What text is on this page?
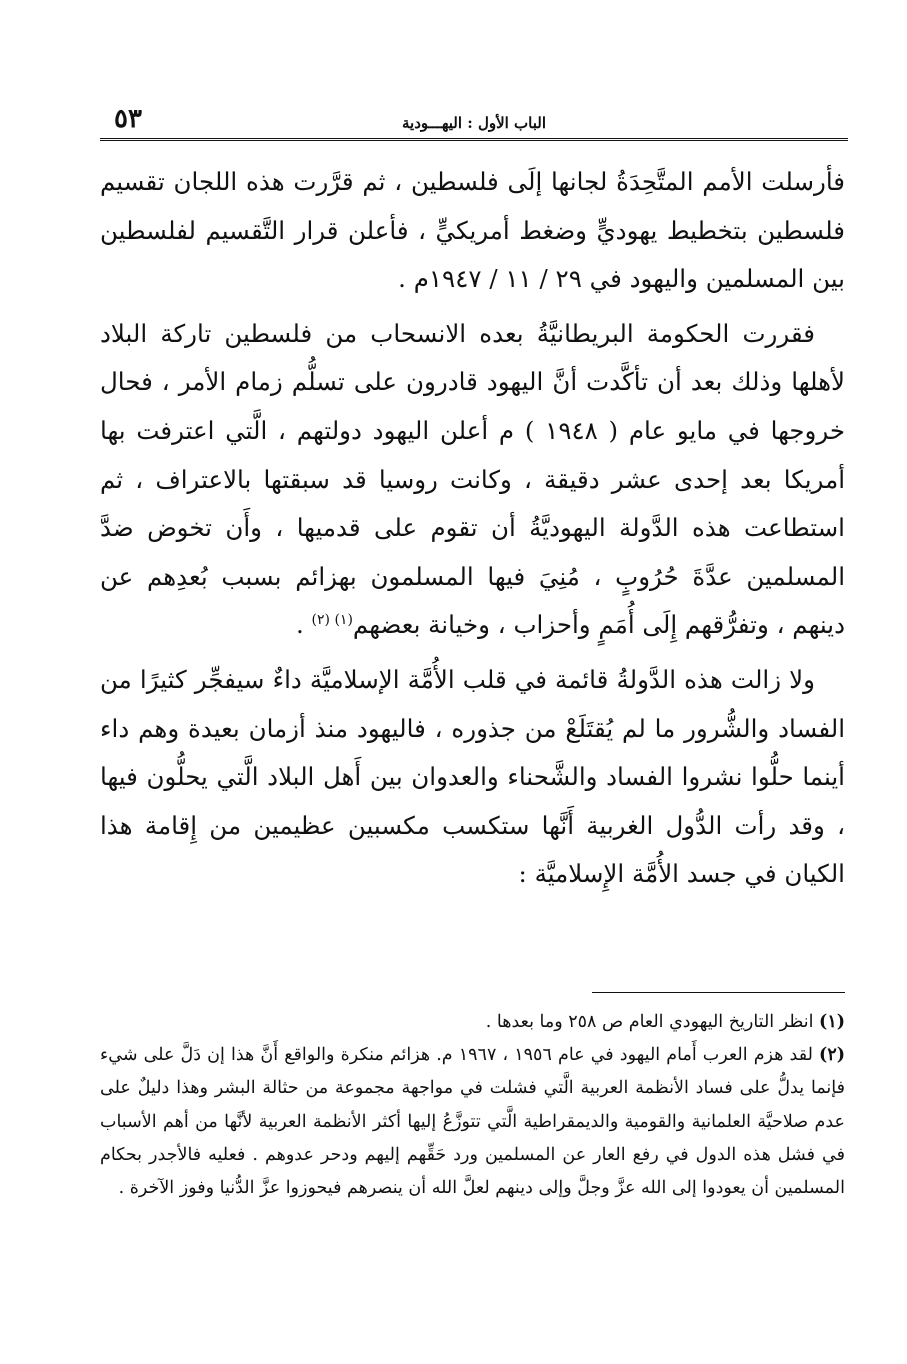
٥٣	الباب الأول : اليهـــودية

فأرسلت الأمم المتَّحِدَةُ لجانها إلَى فلسطين ، ثم قرَّرت هذه اللجان تقسيم فلسطين بتخطيط يهوديٍّ وضغط أمريكيٍّ ، فأعلن قرار التَّقسيم لفلسطين بين المسلمين واليهود في ٢٩ / ١١ / ١٩٤٧م .

فقررت الحكومة البريطانيَّةُ بعده الانسحاب من فلسطين تاركة البلاد لأهلها وذلك بعد أن تأكَّدت أنَّ اليهود قادرون على تسلُّم زمام الأمر ، فحال خروجها في مايو عام ( ١٩٤٨ ) م أعلن اليهود دولتهم ، الَّتي اعترفت بها أمريكا بعد إحدى عشر دقيقة ، وكانت روسيا قد سبقتها بالاعتراف ، ثم استطاعت هذه الدَّولة اليهوديَّةُ أن تقوم على قدميها ، وأَن تخوض ضدَّ المسلمين عدَّةَ حُرُوبٍ ، مُنِيَ فيها المسلمون بهزائم بسبب بُعدِهم عن دينهم ، وتفرُّقهم إِلَى أُمَمٍ وأحزاب ، وخيانة بعضهم$^{(١) (٢)}$ .

ولا زالت هذه الدَّولةُ قائمة في قلب الأُمَّة الإسلاميَّة داءٌ سيفجِّر كثيرًا من الفساد والشُّرور ما لم يُقتَلَعْ من جذوره ، فاليهود منذ أزمان بعيدة وهم داء أينما حلُّوا نشروا الفساد والشَّحناء والعدوان بين أَهل البلاد الَّتي يحلُّون فيها ، وقد رأت الدُّول الغربية أَنَّها ستكسب مكسبين عظيمين من إِقامة هذا الكيان في جسد الأُمَّة الإِسلاميَّة :

(١) انظر التاريخ اليهودي العام ص ٢٥٨ وما بعدها .

(٢) لقد هزم العرب أَمام اليهود في عام ١٩٥٦ ، ١٩٦٧ م. هزائم منكرة والواقع أَنَّ هذا إن دَلَّ على شيء فإنما يدلُّ على فساد الأنظمة العربية الَّتي فشلت في مواجهة مجموعة من حثالة البشر وهذا دليلٌ على عدم صلاحيَّة العلمانية والقومية والديمقراطية الَّتي تتوزَّعُ إليها أكثر الأنظمة العربية لأنَّها من أهم الأسباب في فشل هذه الدول في رفع العار عن المسلمين ورد حَقِّهم إليهم ودحر عدوهم . فعليه فالأجدر بحكام المسلمين أن يعودوا إلى الله عزَّ وجلَّ وإلى دينهم لعلَّ الله أن ينصرهم فيحوزوا عزَّ الدُّنيا وفوز الآخرة .
